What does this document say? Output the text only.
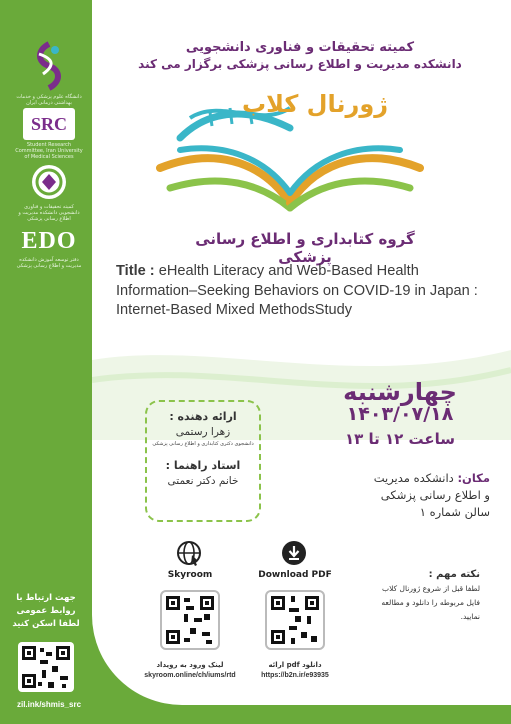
دانشگاه علوم پزشکی و خدمات بهداشتی درمانی ایران
SRC
Student Research Committee, Iran University of Medical Sciences
کمیته تحقیقات و فناوری دانشجویی دانشکده مدیریت و اطلاع رسانی پزشکی
EDO
دفتر توسعه آموزش دانشکده مدیریت و اطلاع رسانی پزشکی
جهت ارتباط با
روابط عمومی
لطفا اسکن کنید
zil.ink/shmis_src
کمیته تحقیقات و فناوری دانشجویی
دانشکده مدیریت و اطلاع رسانی پزشکی برگزار می کند
ژورنال کلاب
گروه کتابداری و اطلاع رسانی پزشکی
Title : eHealth Literacy and Web-Based Health Information–Seeking Behaviors on COVID-19 in Japan : Internet-Based Mixed MethodsStudy
چهارشنبه
۱۴۰۳/۰۷/۱۸
ساعت ۱۲ تا ۱۳
مکان: دانشکده مدیریت
و اطلاع رسانی پزشکی
سالن شماره ۱
ارائه دهنده :
زهرا رستمی
دانشجوی دکتری کتابداری و اطلاع رسانی پزشکی
استاد راهنما :
خانم دکتر نعمتی
Skyroom
لینک ورود به رویداد
skyroom.online/ch/iums/rtd
Download PDF
دانلود pdf ارائه
https://b2n.ir/e93935
نکته مهم :
لطفا قبل از شروع ژورنال کلاب
فایل مربوطه را دانلود و مطالعه
نمایید.
